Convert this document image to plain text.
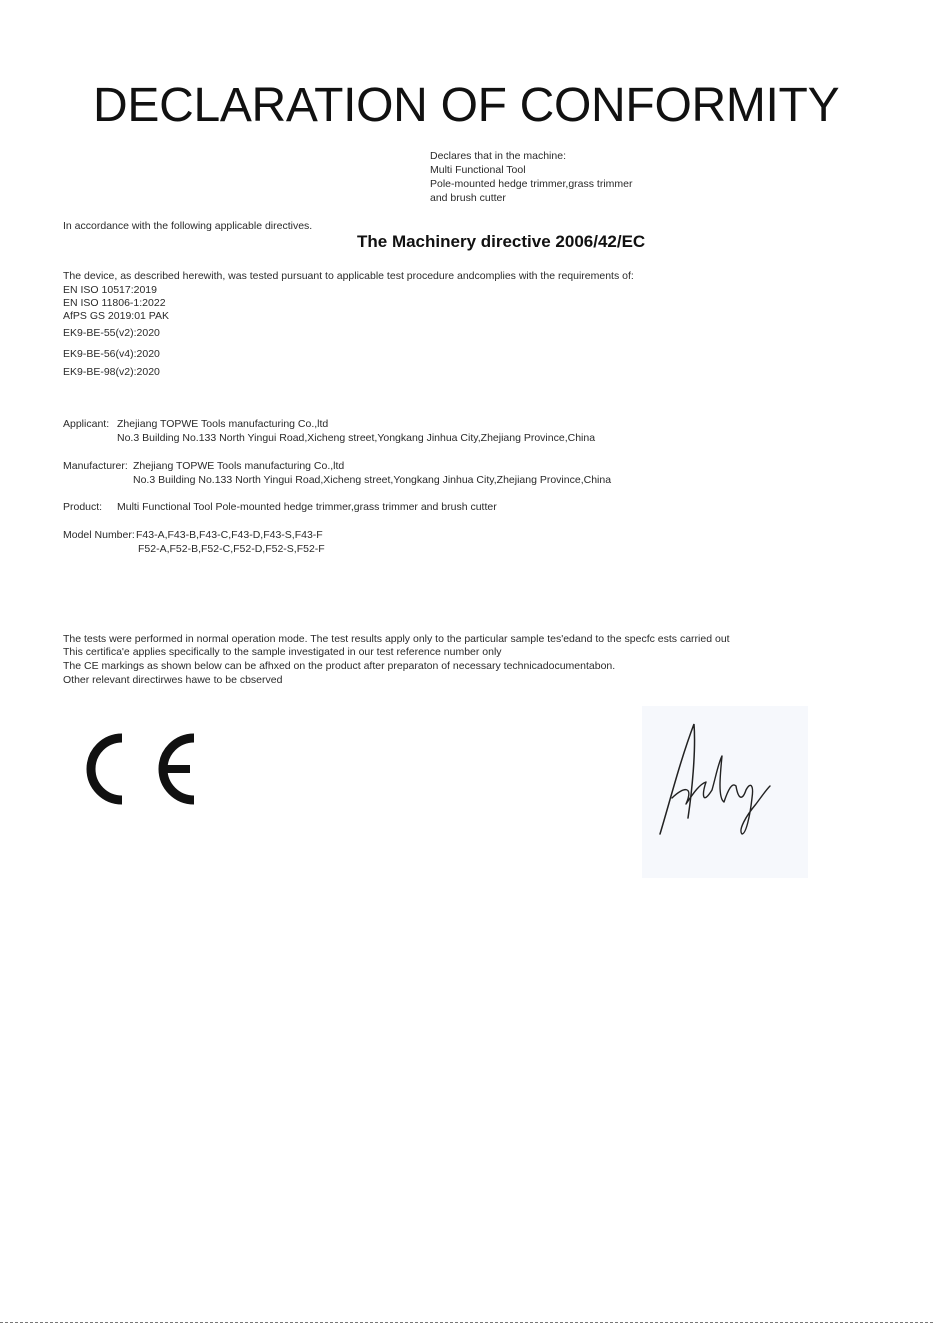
DECLARATION OF CONFORMITY
Declares that in the machine:
Multi Functional Tool
Pole-mounted hedge trimmer,grass trimmer
and brush cutter
In accordance with the following applicable directives.
The Machinery directive 2006/42/EC
The device, as described herewith, was tested pursuant to applicable test procedure andcomplies with the requirements of:
EN ISO 10517:2019
EN ISO 11806-1:2022
AfPS GS 2019:01 PAK
EK9-BE-55(v2):2020
EK9-BE-56(v4):2020
EK9-BE-98(v2):2020
Applicant: Zhejiang TOPWE Tools manufacturing Co.,ltd
No.3 Building No.133 North Yingui Road,Xicheng street,Yongkang Jinhua City,Zhejiang Province,China
Manufacturer: Zhejiang TOPWE Tools manufacturing Co.,ltd
No.3 Building No.133 North Yingui Road,Xicheng street,Yongkang Jinhua City,Zhejiang Province,China
Product: Multi Functional Tool Pole-mounted hedge trimmer,grass trimmer and brush cutter
Model Number: F43-A,F43-B,F43-C,F43-D,F43-S,F43-F
F52-A,F52-B,F52-C,F52-D,F52-S,F52-F
The tests were performed in normal operation mode. The test results apply only to the particular sample tes'edand to the specfc ests carried out
This certifica'e applies specifically to the sample investigated in our test reference number only
The CE markings as shown below can be afhxed on the product after preparaton of necessary technicadocumentabon.
Other relevant directirwes hawe to be cbserved
